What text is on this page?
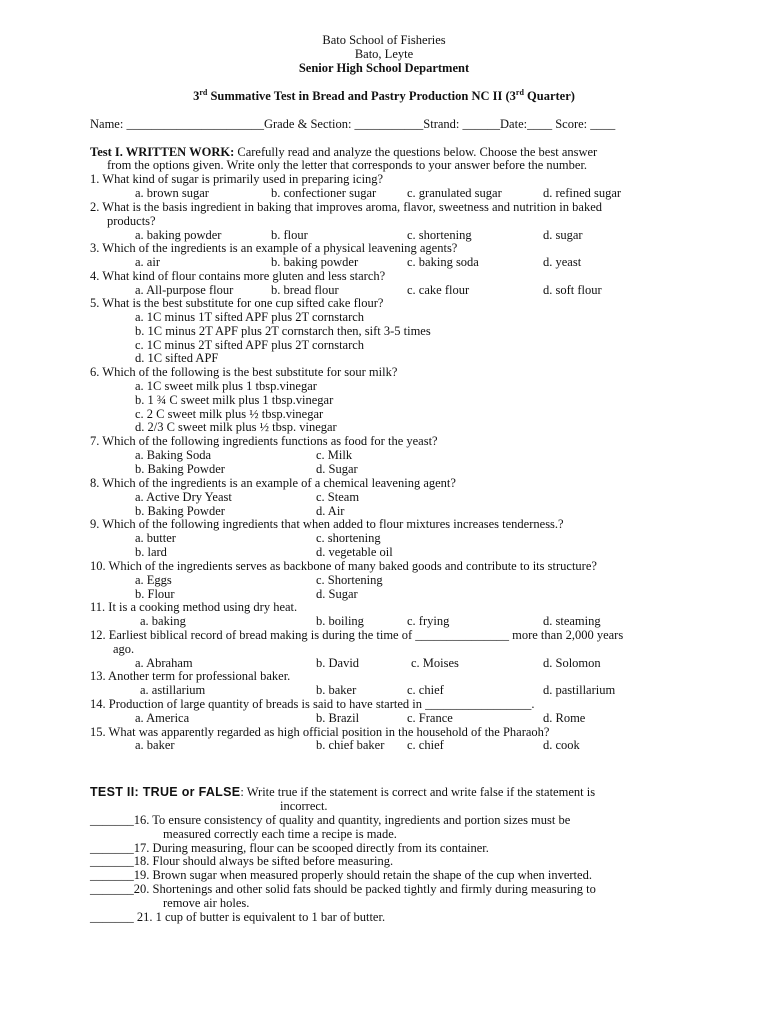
Bato School of Fisheries
Bato, Leyte
Senior High School Department
3rd Summative Test in Bread and Pastry Production NC II (3rd Quarter)
Name: ______________________Grade & Section: ___________Strand: ______Date:____ Score: ____
Test I. WRITTEN WORK: Carefully read and analyze the questions below. Choose the best answer
from the options given. Write only the letter that corresponds to your answer before the number.
1. What kind of sugar is primarily used in preparing icing?
a. brown sugar	b. confectioner sugar c. granulated sugar	d. refined sugar
2. What is the basis ingredient in baking that improves aroma, flavor, sweetness and nutrition in baked
products?
a. baking powder	b. flour	c. shortening	d. sugar
3. Which of the ingredients is an example of a physical leavening agents?
a. air	b. baking powder	c. baking soda	d. yeast
4. What kind of flour contains more gluten and less starch?
a. All-purpose flour	b. bread flour	c. cake flour	d. soft flour
5. What is the best substitute for one cup sifted cake flour?
a. 1C minus 1T sifted APF plus 2T cornstarch
b. 1C minus 2T APF plus 2T cornstarch then, sift 3-5 times
c. 1C minus 2T sifted APF plus 2T cornstarch
d. 1C sifted APF
6. Which of the following is the best substitute for sour milk?
a. 1C sweet milk plus 1 tbsp.vinegar
b. 1 ¾ C sweet milk plus 1 tbsp.vinegar
c. 2 C sweet milk plus ½ tbsp.vinegar
d. 2/3 C sweet milk plus ½ tbsp. vinegar
7. Which of the following ingredients functions as food for the yeast?
a. Baking Soda	c. Milk
b. Baking Powder	d. Sugar
8. Which of the ingredients is an example of a chemical leavening agent?
a. Active Dry Yeast	c. Steam
b. Baking Powder	d. Air
9. Which of the following ingredients that when added to flour mixtures increases tenderness.?
a. butter	c. shortening
b. lard	d. vegetable oil
10. Which of the ingredients serves as backbone of many baked goods and contribute to its structure?
a. Eggs	c. Shortening
b. Flour	d. Sugar
11. It is a cooking method using dry heat.
a. baking	b. boiling	c. frying	d. steaming
12. Earliest biblical record of bread making is during the time of _______________ more than 2,000 years
ago.
a. Abraham	b. David	c. Moises	d. Solomon
13. Another term for professional baker.
a. astillarium	b. baker	c. chief	d. pastillarium
14. Production of large quantity of breads is said to have started in _________________.
a. America	b. Brazil	c. France	d. Rome
15. What was apparently regarded as high official position in the household of the Pharaoh?
a. baker	b. chief baker c. chief	d. cook
TEST II: TRUE or FALSE: Write true if the statement is correct and write false if the statement is
incorrect.
_______16. To ensure consistency of quality and quantity, ingredients and portion sizes must be
measured correctly each time a recipe is made.
_______17. During measuring, flour can be scooped directly from its container.
_______18. Flour should always be sifted before measuring.
_______19. Brown sugar when measured properly should retain the shape of the cup when inverted.
_______20. Shortenings and other solid fats should be packed tightly and firmly during measuring to
remove air holes.
_______ 21. 1 cup of butter is equivalent to 1 bar of butter.
